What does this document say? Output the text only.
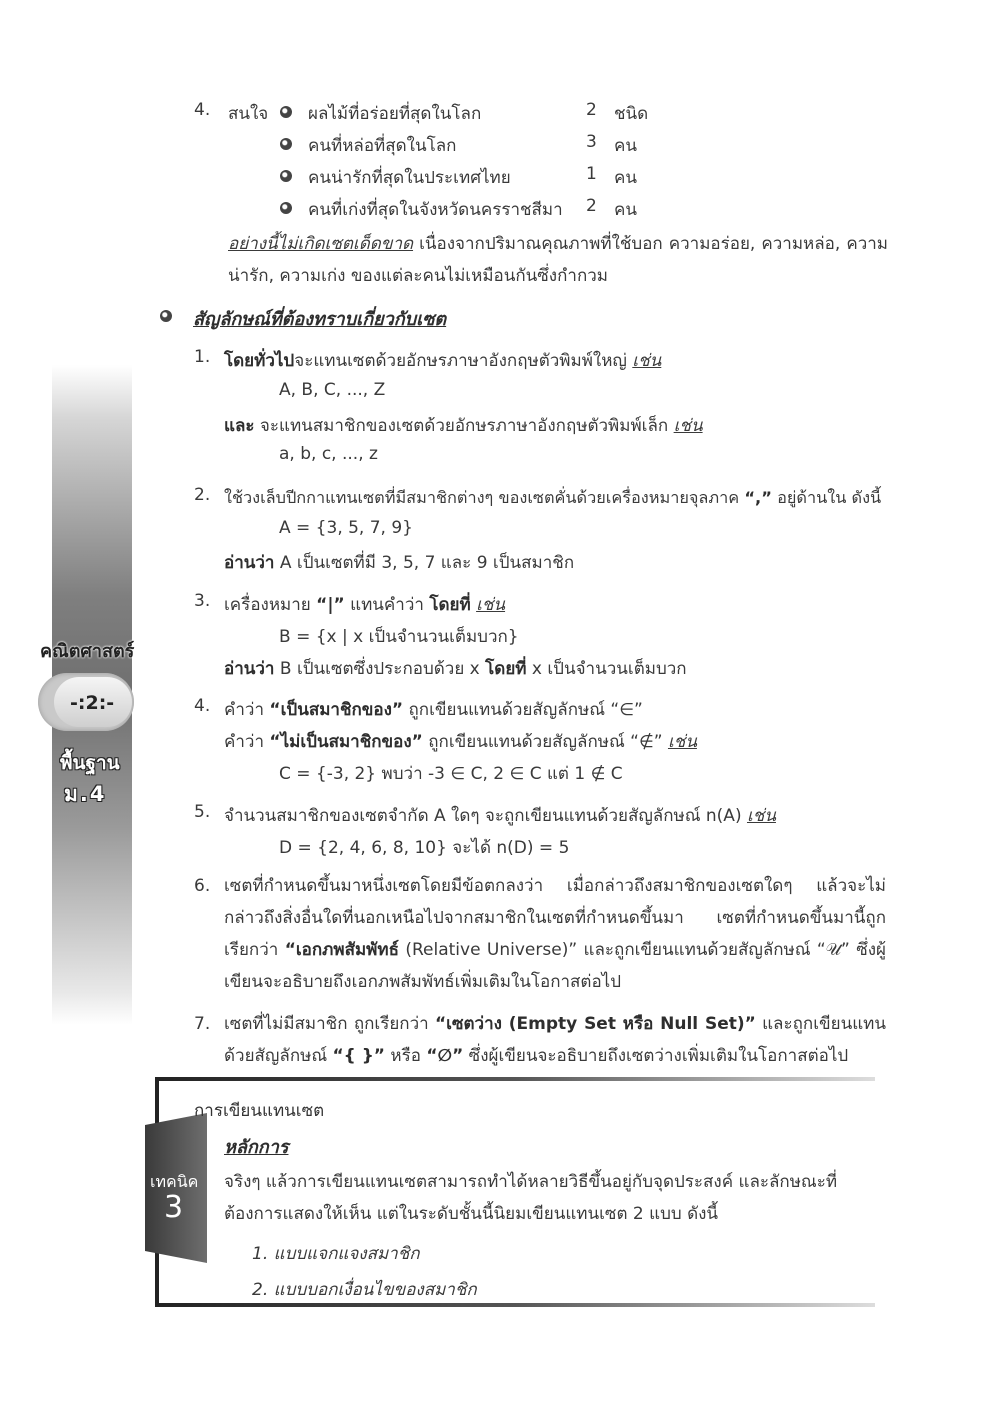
คณิตศาสตร์
-:2:-
พื้นฐาน
ม.4
4. สนใจ ผลไม้ที่อร่อยที่สุดในโลก	2 ชนิด
คนที่หล่อที่สุดในโลก	3 คน
คนน่ารักที่สุดในประเทศไทย	1 คน
คนที่เก่งที่สุดในจังหวัดนครราชสีมา 2 คน
อย่างนี้ไม่เกิดเซตเด็ดขาด เนื่องจากปริมาณคุณภาพที่ใช้บอก ความอร่อย, ความหล่อ, ความน่ารัก, ความเก่ง ของแต่ละคนไม่เหมือนกันซึ่งกำกวม
สัญลักษณ์ที่ต้องทราบเกี่ยวกับเซต
1. โดยทั่วไปจะแทนเซตด้วยอักษรภาษาอังกฤษตัวพิมพ์ใหญ่ เช่น
A, B, C, ..., Z
และ จะแทนสมาชิกของเซตด้วยอักษรภาษาอังกฤษตัวพิมพ์เล็ก เช่น
a, b, c, ..., z
2. ใช้วงเล็บปีกกาแทนเซตที่มีสมาชิกต่างๆ ของเซตคั่นด้วยเครื่องหมายจุลภาค “,” อยู่ด้านใน ดังนี้
A = {3, 5, 7, 9}
อ่านว่า A เป็นเซตที่มี 3, 5, 7 และ 9 เป็นสมาชิก
3. เครื่องหมาย “|” แทนคำว่า โดยที่ เช่น
B = {x | x เป็นจำนวนเต็มบวก}
อ่านว่า B เป็นเซตซึ่งประกอบด้วย x โดยที่ x เป็นจำนวนเต็มบวก
4. คำว่า “เป็นสมาชิกของ” ถูกเขียนแทนด้วยสัญลักษณ์ “∈”
คำว่า “ไม่เป็นสมาชิกของ” ถูกเขียนแทนด้วยสัญลักษณ์ “∉” เช่น
C = {-3, 2} พบว่า -3 ∈ C, 2 ∈ C แต่ 1 ∉ C
5. จำนวนสมาชิกของเซตจำกัด A ใดๆ จะถูกเขียนแทนด้วยสัญลักษณ์ n(A) เช่น
D = {2, 4, 6, 8, 10} จะได้ n(D) = 5
6. เซตที่กำหนดขึ้นมาหนึ่งเซตโดยมีข้อตกลงว่า เมื่อกล่าวถึงสมาชิกของเซตใดๆ แล้วจะไม่กล่าวถึงสิ่งอื่นใดที่นอกเหนือไปจากสมาชิกในเซตที่กำหนดขึ้นมา เซตที่กำหนดขึ้นมานี้ถูกเรียกว่า “เอกภพสัมพัทธ์ (Relative Universe)” และถูกเขียนแทนด้วยสัญลักษณ์ “𝒰” ซึ่งผู้เขียนจะอธิบายถึงเอกภพสัมพัทธ์เพิ่มเติมในโอกาสต่อไป
7. เซตที่ไม่มีสมาชิก ถูกเรียกว่า “เซตว่าง (Empty Set หรือ Null Set)” และถูกเขียนแทนด้วยสัญลักษณ์ “{ }” หรือ “∅” ซึ่งผู้เขียนจะอธิบายถึงเซตว่างเพิ่มเติมในโอกาสต่อไป
เทคนิค
3
การเขียนแทนเซต
หลักการ
จริงๆ แล้วการเขียนแทนเซตสามารถทำได้หลายวิธีขึ้นอยู่กับจุดประสงค์ และลักษณะที่ต้องการแสดงให้เห็น แต่ในระดับชั้นนี้นิยมเขียนแทนเซต 2 แบบ ดังนี้
1. แบบแจกแจงสมาชิก
2. แบบบอกเงื่อนไขของสมาชิก
